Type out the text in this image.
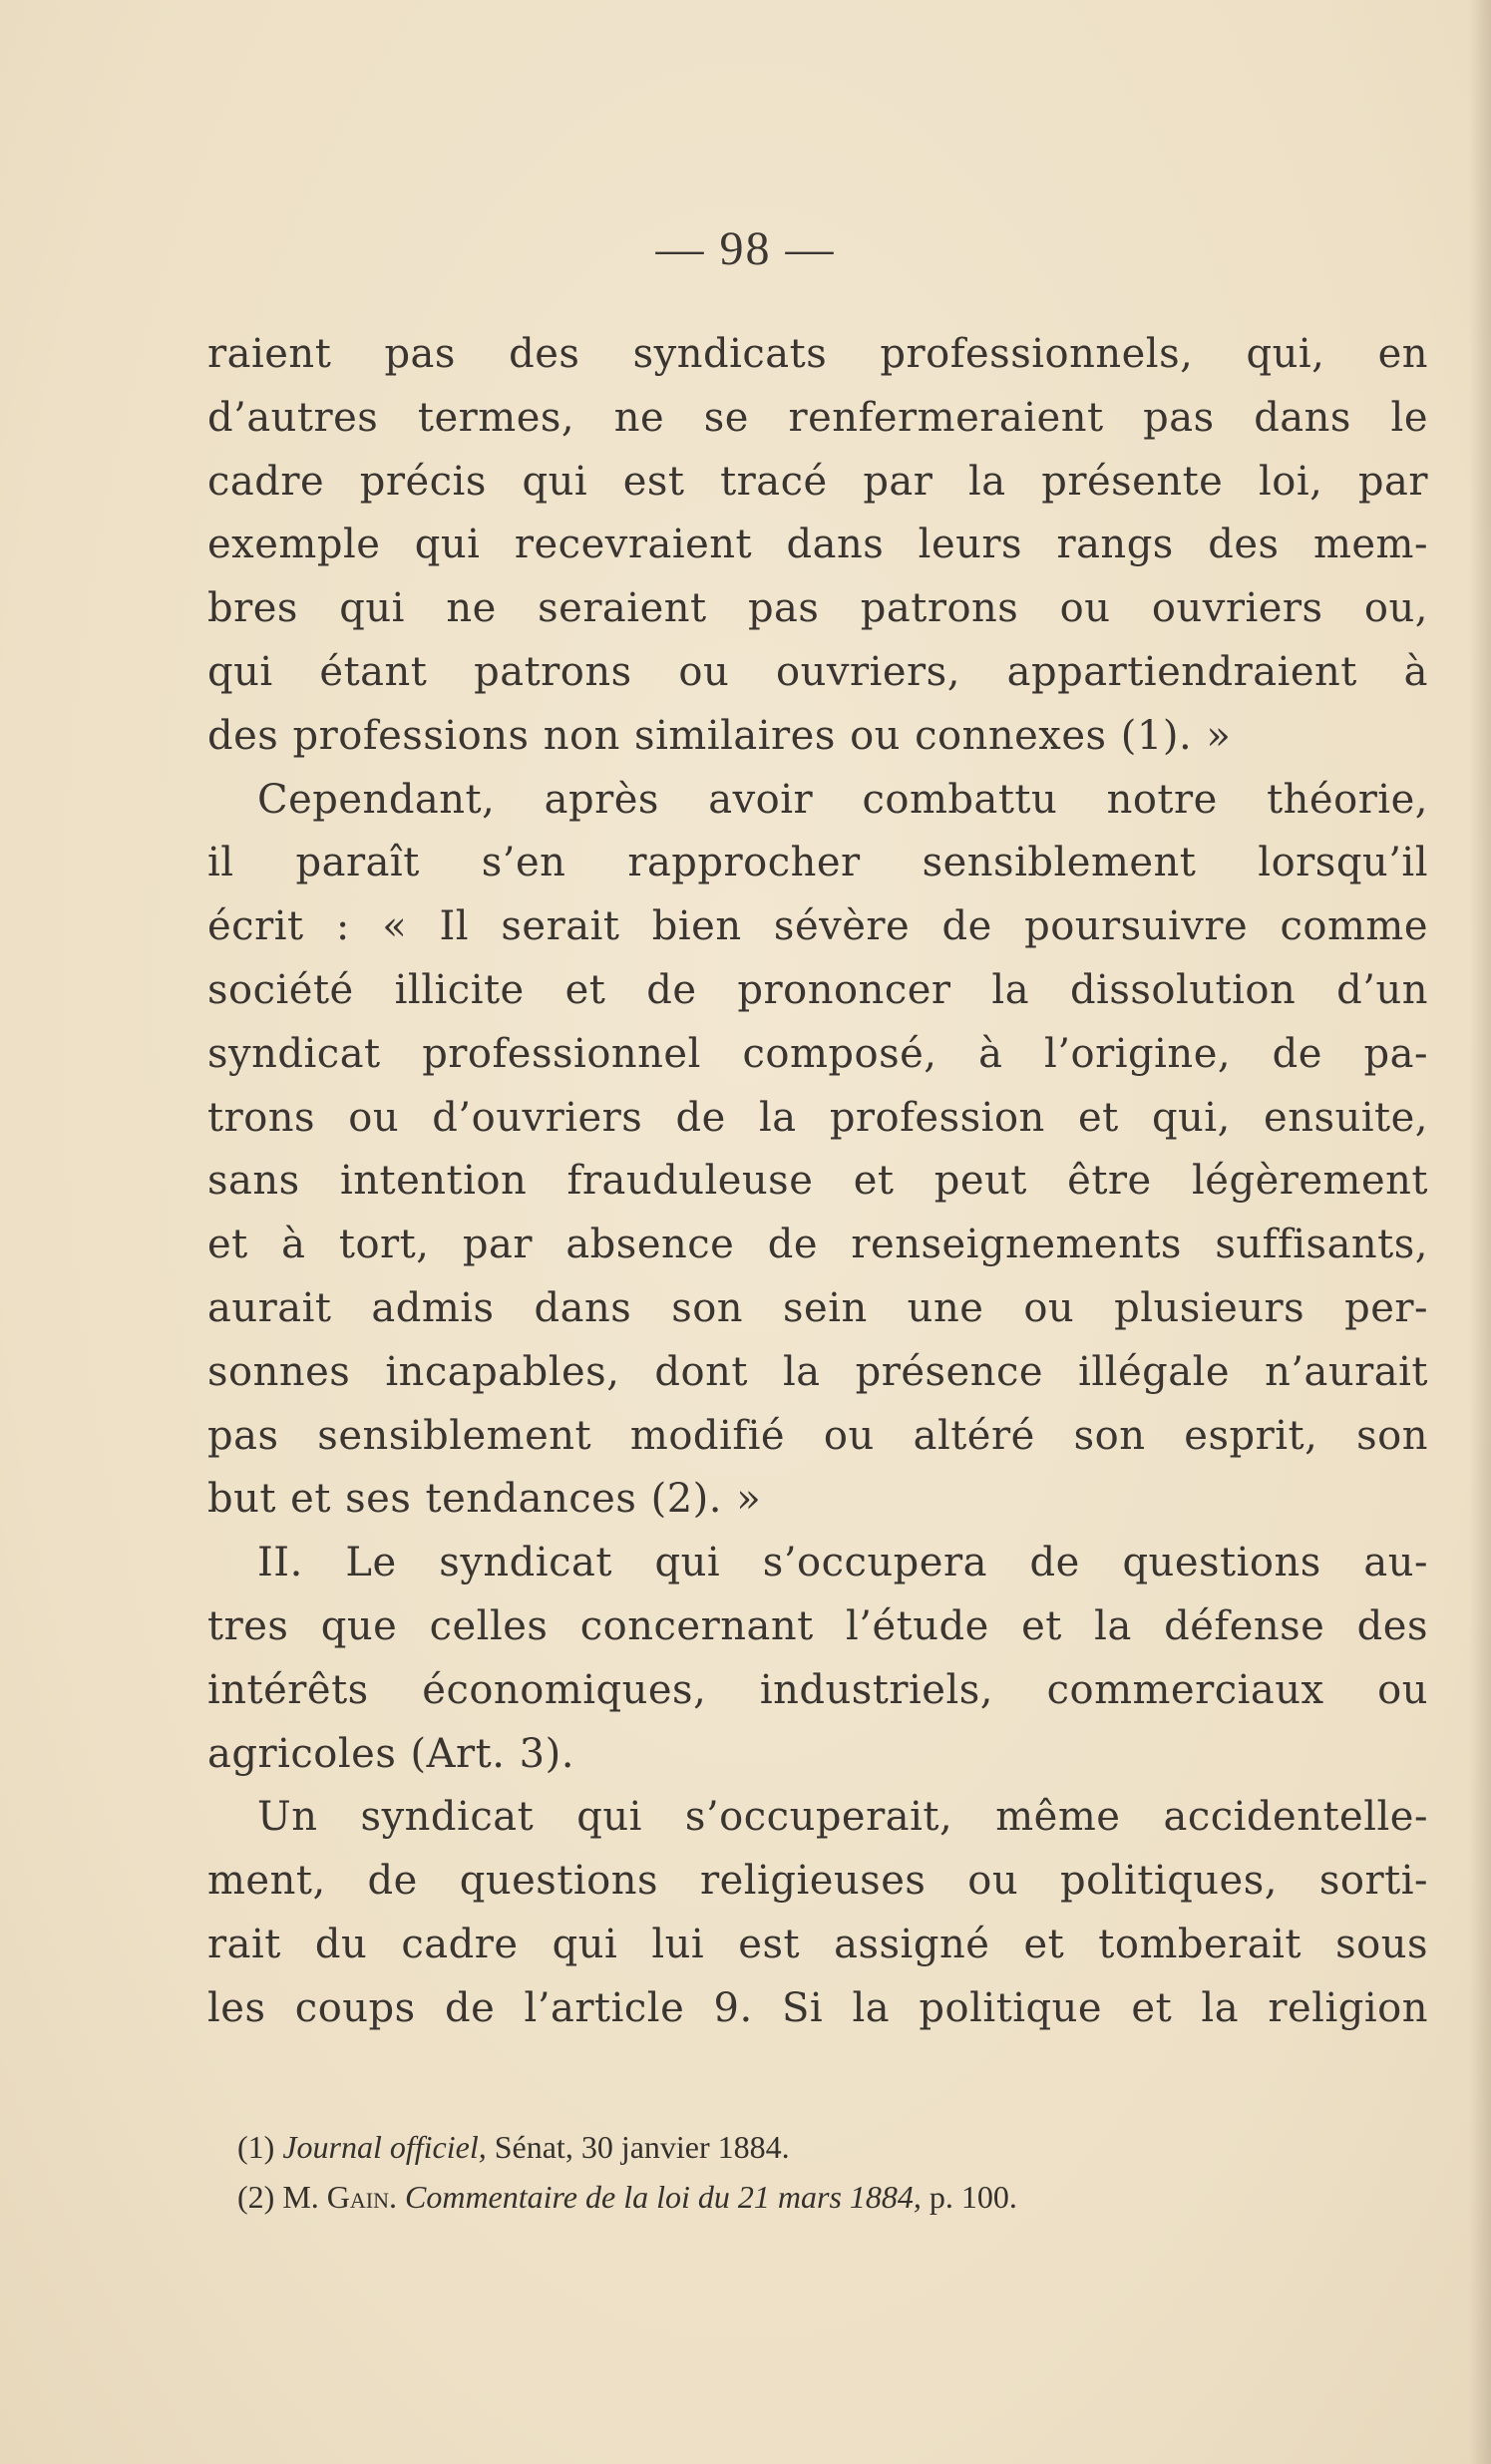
— 98 —
raient pas des syndicats professionnels, qui, en
d’autres termes, ne se renfermeraient pas dans le
cadre précis qui est tracé par la présente loi, par
exemple qui recevraient dans leurs rangs des mem-
bres qui ne seraient pas patrons ou ouvriers ou,
qui étant patrons ou ouvriers, appartiendraient à
des professions non similaires ou connexes (1). »
Cependant, après avoir combattu notre théorie,
il paraît s’en rapprocher sensiblement lorsqu’il
écrit : « Il serait bien sévère de poursuivre comme
société illicite et de prononcer la dissolution d’un
syndicat professionnel composé, à l’origine, de pa-
trons ou d’ouvriers de la profession et qui, ensuite,
sans intention frauduleuse et peut être légèrement
et à tort, par absence de renseignements suffisants,
aurait admis dans son sein une ou plusieurs per-
sonnes incapables, dont la présence illégale n’aurait
pas sensiblement modifié ou altéré son esprit, son
but et ses tendances (2). »
II. Le syndicat qui s’occupera de questions au-
tres que celles concernant l’étude et la défense des
intérêts économiques, industriels, commerciaux ou
agricoles (Art. 3).
Un syndicat qui s’occuperait, même accidentelle-
ment, de questions religieuses ou politiques, sorti-
rait du cadre qui lui est assigné et tomberait sous
les coups de l’article 9. Si la politique et la religion
(1) Journal officiel, Sénat, 30 janvier 1884.
(2) M. Gain. Commentaire de la loi du 21 mars 1884, p. 100.
